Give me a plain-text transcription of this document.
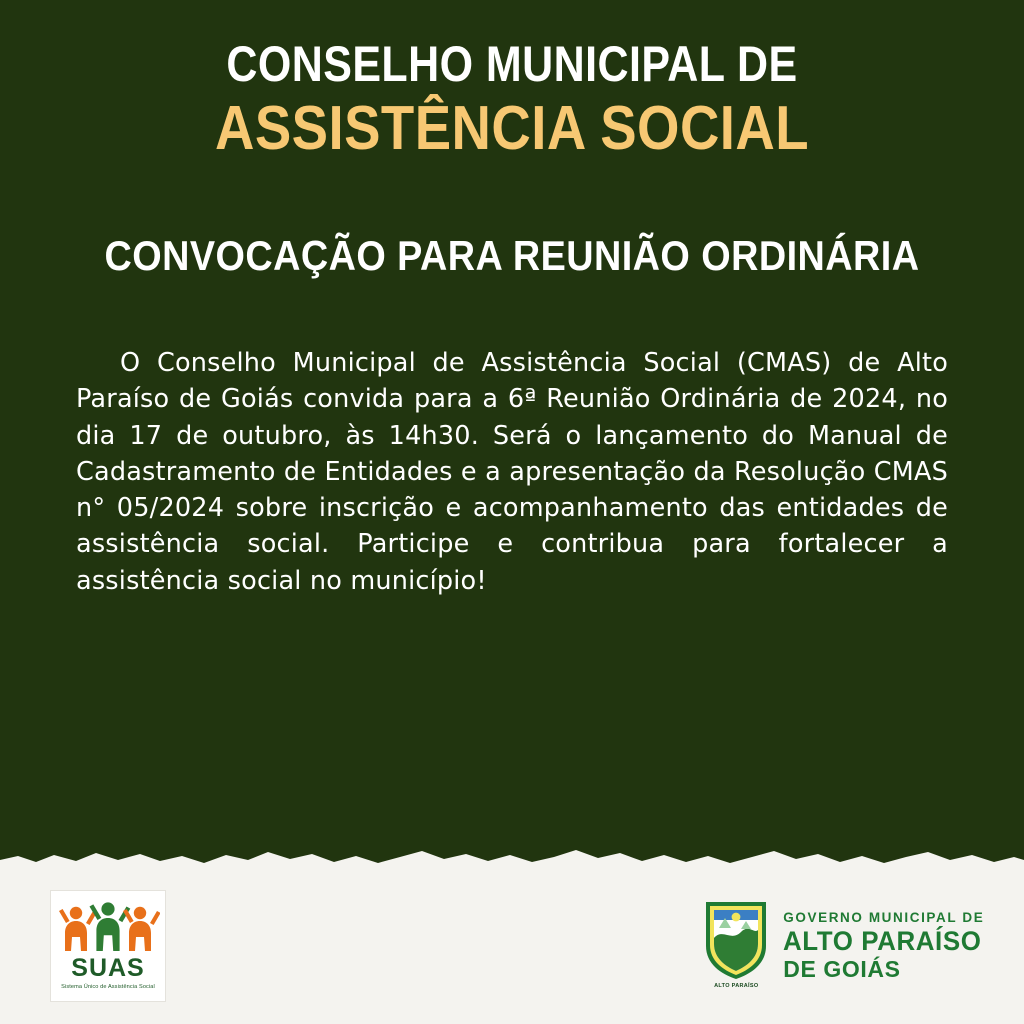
CONSELHO MUNICIPAL DE
ASSISTÊNCIA SOCIAL
CONVOCAÇÃO PARA REUNIÃO ORDINÁRIA

O Conselho Municipal de Assistência Social (CMAS) de Alto Paraíso de Goiás convida para a 6ª Reunião Ordinária de 2024, no dia 17 de outubro, às 14h30. Será o lançamento do Manual de Cadastramento de Entidades e a apresentação da Resolução CMAS n° 05/2024 sobre inscrição e acompanhamento das entidades de assistência social. Participe e contribua para fortalecer a assistência social no município!

SUAS
Sistema Único de Assistência Social	ALTO PARAÍSO
GOVERNO MUNICIPAL DE
ALTO PARAÍSO
DE GOIÁS
